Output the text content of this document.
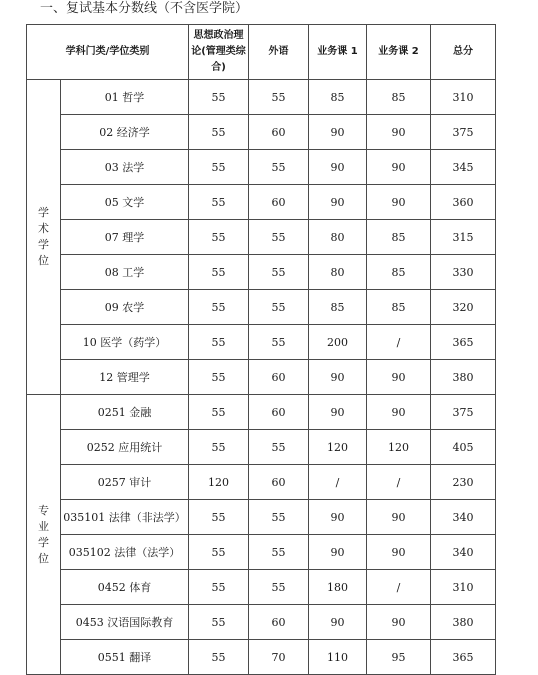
一、复试基本分数线（不含医学院）
学科门类/学位类别		思想政治理论(管理类综合)	外语	业务课 1	业务课 2	总分

学
术
学
位	01 哲学	55	55	85	85	310
	02 经济学	55	60	90	90	375
	03 法学	55	55	90	90	345
	05 文学	55	60	90	90	360
	07 理学	55	55	80	85	315
	08 工学	55	55	80	85	330
	09 农学	55	55	85	85	320
	10 医学（药学）	55	55	200	/	365
	12 管理学	55	60	90	90	380

专
业
学
位	0251 金融	55	60	90	90	375
	0252 应用统计	55	55	120	120	405
	0257 审计	120	60	/	/	230
	035101 法律（非法学）	55	55	90	90	340
	035102 法律（法学）	55	55	90	90	340
	0452 体育	55	55	180	/	310
	0453 汉语国际教育	55	60	90	90	380
	0551 翻译	55	70	110	95	365
